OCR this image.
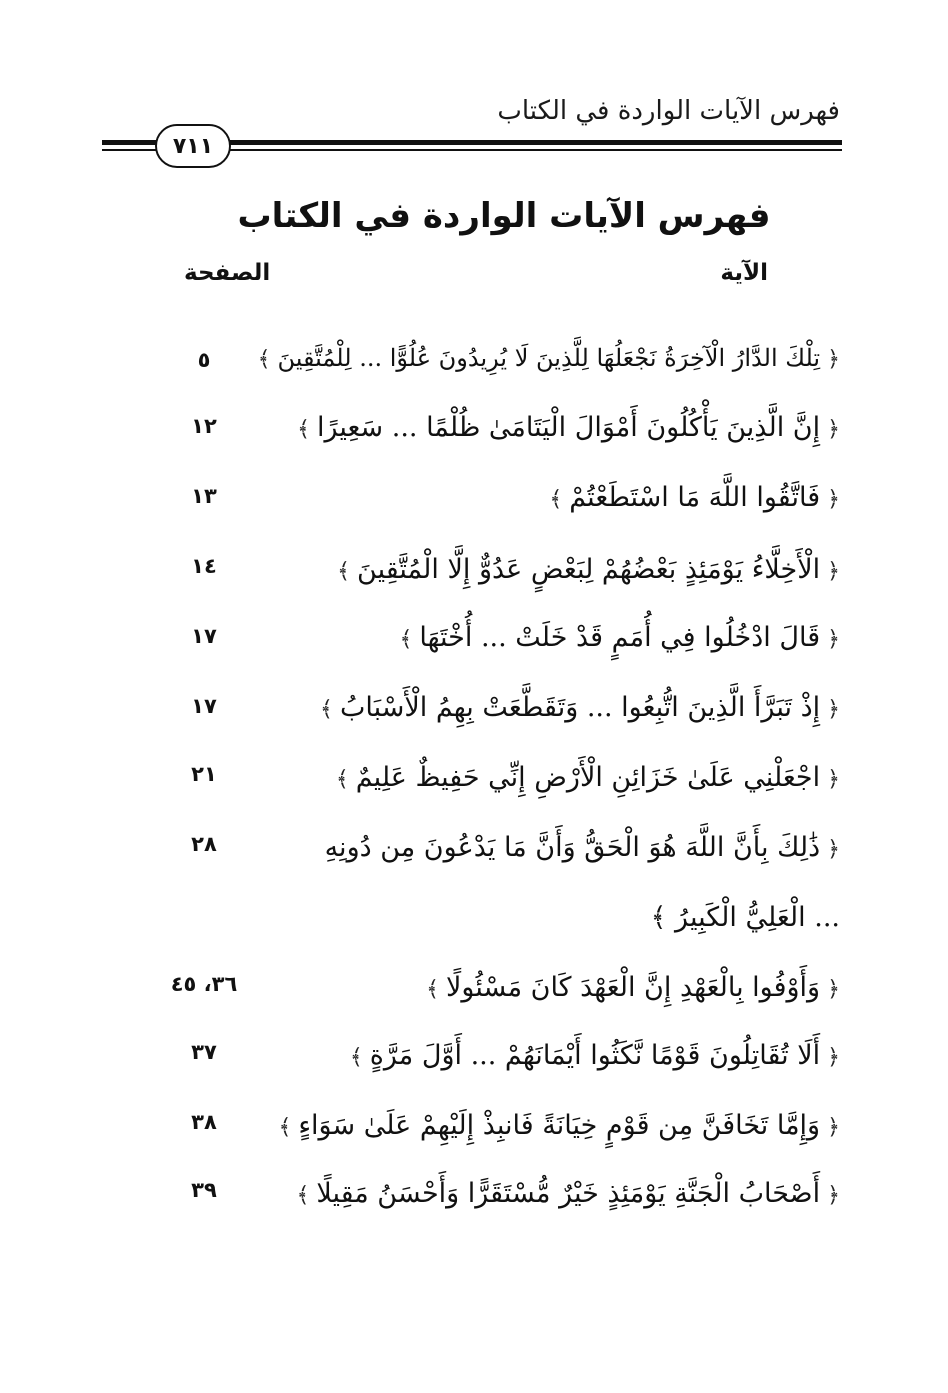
فهرس الآيات الواردة في الكتاب
٧١١
فهرس الآيات الواردة في الكتاب
الآية
الصفحة
﴿ تِلْكَ الدَّارُ الْآخِرَةُ نَجْعَلُهَا لِلَّذِينَ لَا يُرِيدُونَ عُلُوًّا ... لِلْمُتَّقِينَ ﴾
٥
﴿ إِنَّ الَّذِينَ يَأْكُلُونَ أَمْوَالَ الْيَتَامَىٰ ظُلْمًا ... سَعِيرًا ﴾
١٢
﴿ فَاتَّقُوا اللَّهَ مَا اسْتَطَعْتُمْ ﴾
١٣
﴿ الْأَخِلَّاءُ يَوْمَئِذٍ بَعْضُهُمْ لِبَعْضٍ عَدُوٌّ إِلَّا الْمُتَّقِينَ ﴾
١٤
﴿ قَالَ ادْخُلُوا فِي أُمَمٍ قَدْ خَلَتْ ... أُخْتَهَا ﴾
١٧
﴿ إِذْ تَبَرَّأَ الَّذِينَ اتُّبِعُوا ... وَتَقَطَّعَتْ بِهِمُ الْأَسْبَابُ ﴾
١٧
﴿ اجْعَلْنِي عَلَىٰ خَزَائِنِ الْأَرْضِ إِنِّي حَفِيظٌ عَلِيمٌ ﴾
٢١
﴿ ذَٰلِكَ بِأَنَّ اللَّهَ هُوَ الْحَقُّ وَأَنَّ مَا يَدْعُونَ مِن دُونِهِ
٢٨
... الْعَلِيُّ الْكَبِيرُ ﴾
﴿ وَأَوْفُوا بِالْعَهْدِ إِنَّ الْعَهْدَ كَانَ مَسْئُولًا ﴾
٣٦، ٤٥
﴿ أَلَا تُقَاتِلُونَ قَوْمًا نَّكَثُوا أَيْمَانَهُمْ ... أَوَّلَ مَرَّةٍ ﴾
٣٧
﴿ وَإِمَّا تَخَافَنَّ مِن قَوْمٍ خِيَانَةً فَانبِذْ إِلَيْهِمْ عَلَىٰ سَوَاءٍ ﴾
٣٨
﴿ أَصْحَابُ الْجَنَّةِ يَوْمَئِذٍ خَيْرٌ مُّسْتَقَرًّا وَأَحْسَنُ مَقِيلًا ﴾
٣٩
